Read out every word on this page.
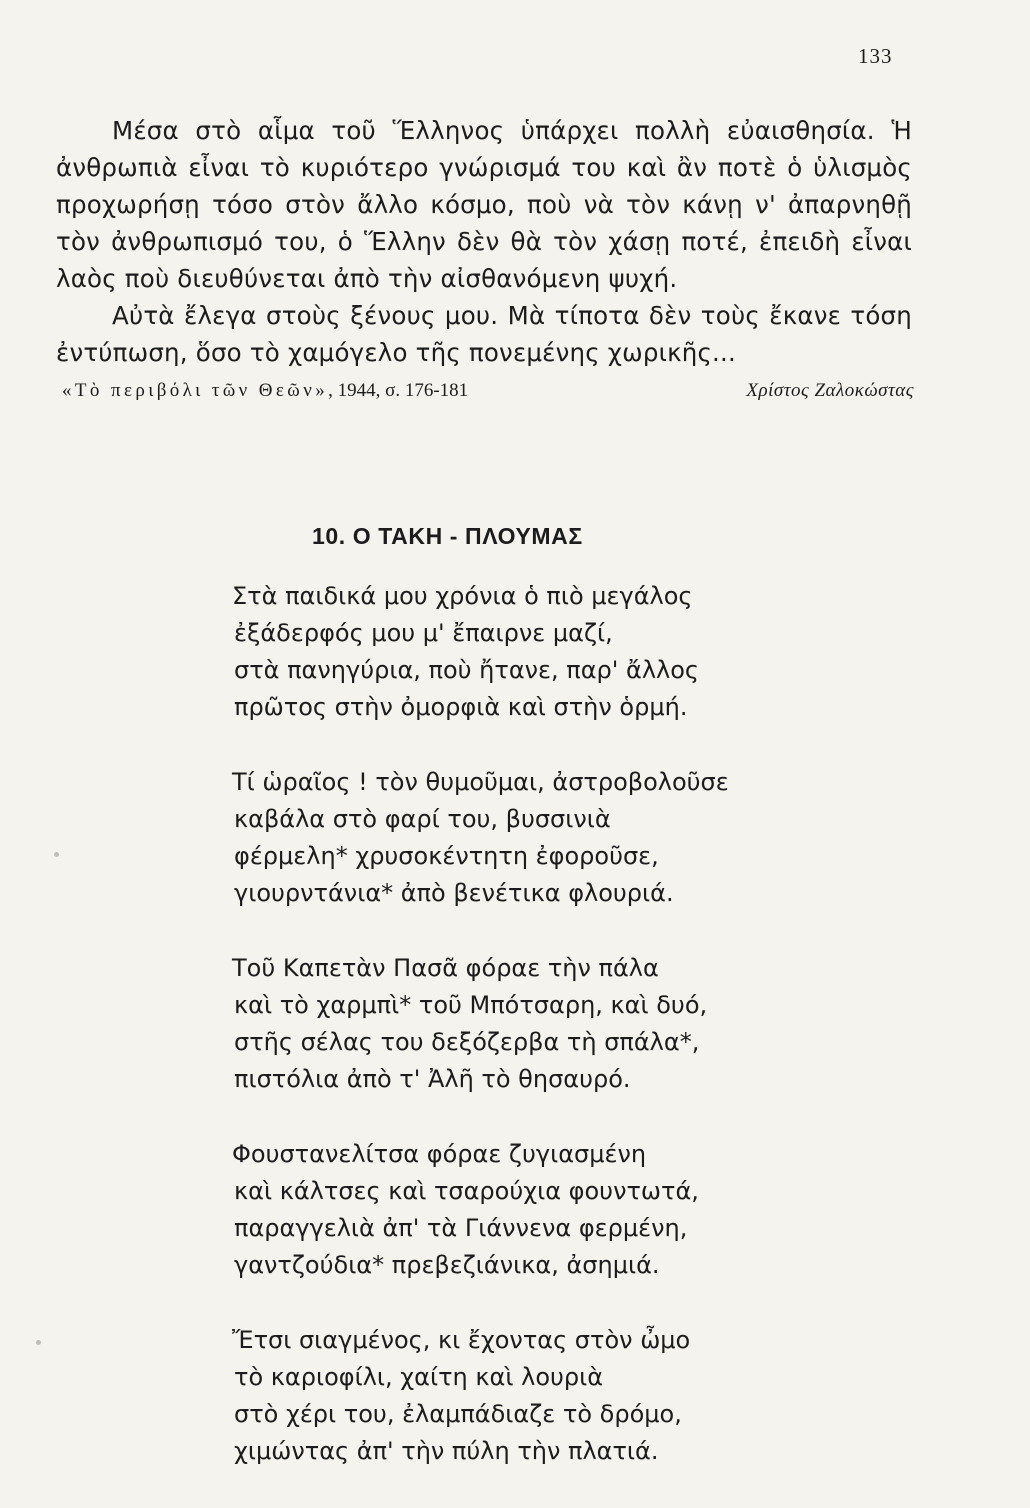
133
Μέσα στὸ αἷμα τοῦ Ἕλληνος ὑπάρχει πολλὴ εὐαισθησία. Ἡ
ἀνθρωπιὰ εἶναι τὸ κυριότερο γνώρισμά του καὶ ἂν ποτὲ ὁ ὑλισμὸς
προχωρήσῃ τόσο στὸν ἄλλο κόσμο, ποὺ νὰ τὸν κάνῃ ν' ἀπαρνηθῇ
τὸν ἀνθρωπισμό του, ὁ Ἕλλην δὲν θὰ τὸν χάσῃ ποτέ, ἐπειδὴ εἶναι
λαὸς ποὺ διευθύνεται ἀπὸ τὴν αἰσθανόμενη ψυχή.
Αὐτὰ ἔλεγα στοὺς ξένους μου. Μὰ τίποτα δὲν τοὺς ἔκανε τόση
ἐντύπωση, ὅσο τὸ χαμόγελο τῆς πονεμένης χωρικῆς...
«Τὸ περιβόλι τῶν Θεῶν», 1944, σ. 176-181	Χρίστος Ζαλοκώστας
10. Ο ΤΑΚΗ - ΠΛΟΥΜΑΣ
Στὰ παιδικά μου χρόνια ὁ πιὸ μεγάλος
ἐξάδερφός μου μ' ἔπαιρνε μαζί,
στὰ πανηγύρια, ποὺ ἤτανε, παρ' ἄλλος
πρῶτος στὴν ὀμορφιὰ καὶ στὴν ὁρμή.
Τί ὡραῖος ! τὸν θυμοῦμαι, ἀστροβολοῦσε
καβάλα στὸ φαρί του, βυσσινιὰ
φέρμελη* χρυσοκέντητη ἐφοροῦσε,
γιουρντάνια* ἀπὸ βενέτικα φλουριά.
Τοῦ Καπετὰν Πασᾶ φόραε τὴν πάλα
καὶ τὸ χαρμπὶ* τοῦ Μπότσαρη, καὶ δυό,
στῆς σέλας του δεξόζερβα τὴ σπάλα*,
πιστόλια ἀπὸ τ' Ἀλῆ τὸ θησαυρό.
Φουστανελίτσα φόραε ζυγιασμένη
καὶ κάλτσες καὶ τσαρούχια φουντωτά,
παραγγελιὰ ἀπ' τὰ Γιάννενα φερμένη,
γαντζούδια* πρεβεζιάνικα, ἀσημιά.
Ἔτσι σιαγμένος, κι ἔχοντας στὸν ὦμο
τὸ καριοφίλι, χαίτη καὶ λουριὰ
στὸ χέρι του, ἐλαμπάδιαζε τὸ δρόμο,
χιμώντας ἀπ' τὴν πύλη τὴν πλατιά.
